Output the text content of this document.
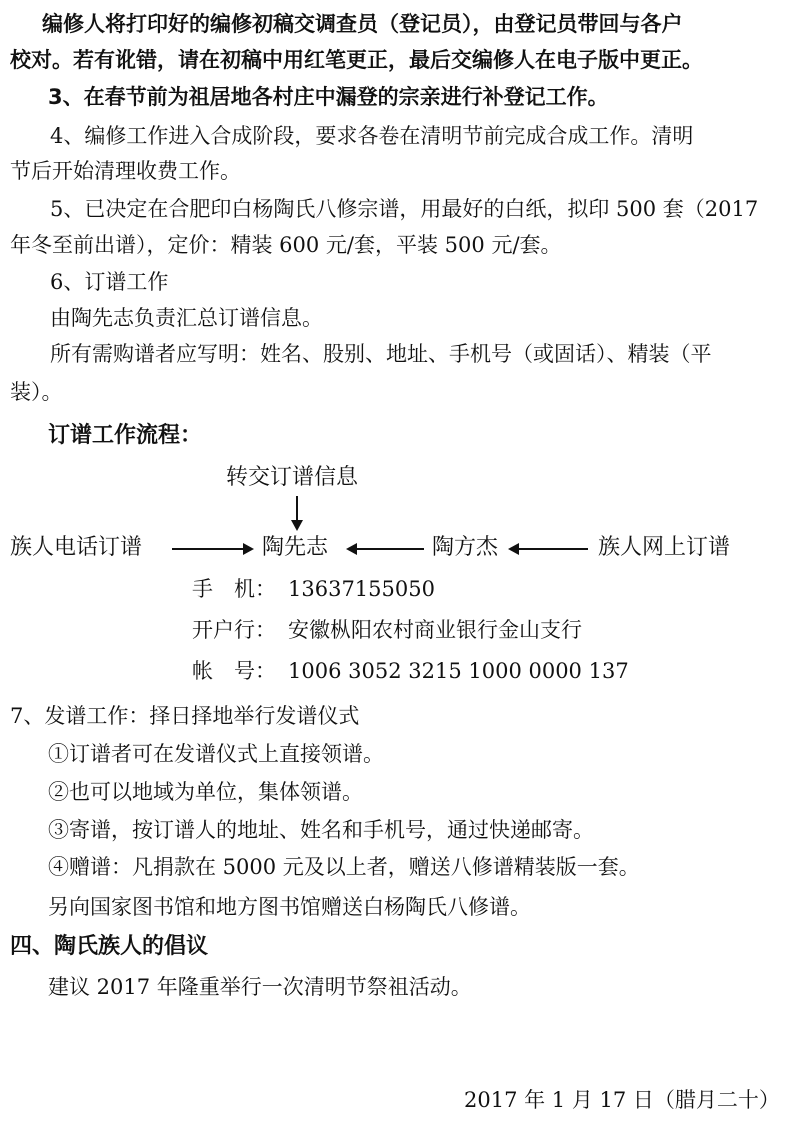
编修人将打印好的编修初稿交调查员（登记员），由登记员带回与各户
校对。若有讹错，请在初稿中用红笔更正，最后交编修人在电子版中更正。
3、在春节前为祖居地各村庄中漏登的宗亲进行补登记工作。
4、编修工作进入合成阶段，要求各卷在清明节前完成合成工作。清明
节后开始清理收费工作。
5、已决定在合肥印白杨陶氏八修宗谱，用最好的白纸，拟印 500 套（2017
年冬至前出谱），定价：精装 600 元/套，平装 500 元/套。
6、订谱工作
由陶先志负责汇总订谱信息。
所有需购谱者应写明：姓名、股别、地址、手机号（或固话）、精装（平
装）。
订谱工作流程：
转交订谱信息
族人电话订谱	陶先志	陶方杰	族人网上订谱
手　机： 13637155050
开户行： 安徽枞阳农村商业银行金山支行
帐　号： 1006 3052 3215 1000 0000 137
7、发谱工作：择日择地举行发谱仪式
①订谱者可在发谱仪式上直接领谱。
②也可以地域为单位，集体领谱。
③寄谱，按订谱人的地址、姓名和手机号，通过快递邮寄。
④赠谱：凡捐款在 5000 元及以上者，赠送八修谱精装版一套。
另向国家图书馆和地方图书馆赠送白杨陶氏八修谱。
四、陶氏族人的倡议
建议 2017 年隆重举行一次清明节祭祖活动。
2017 年 1 月 17 日（腊月二十）
